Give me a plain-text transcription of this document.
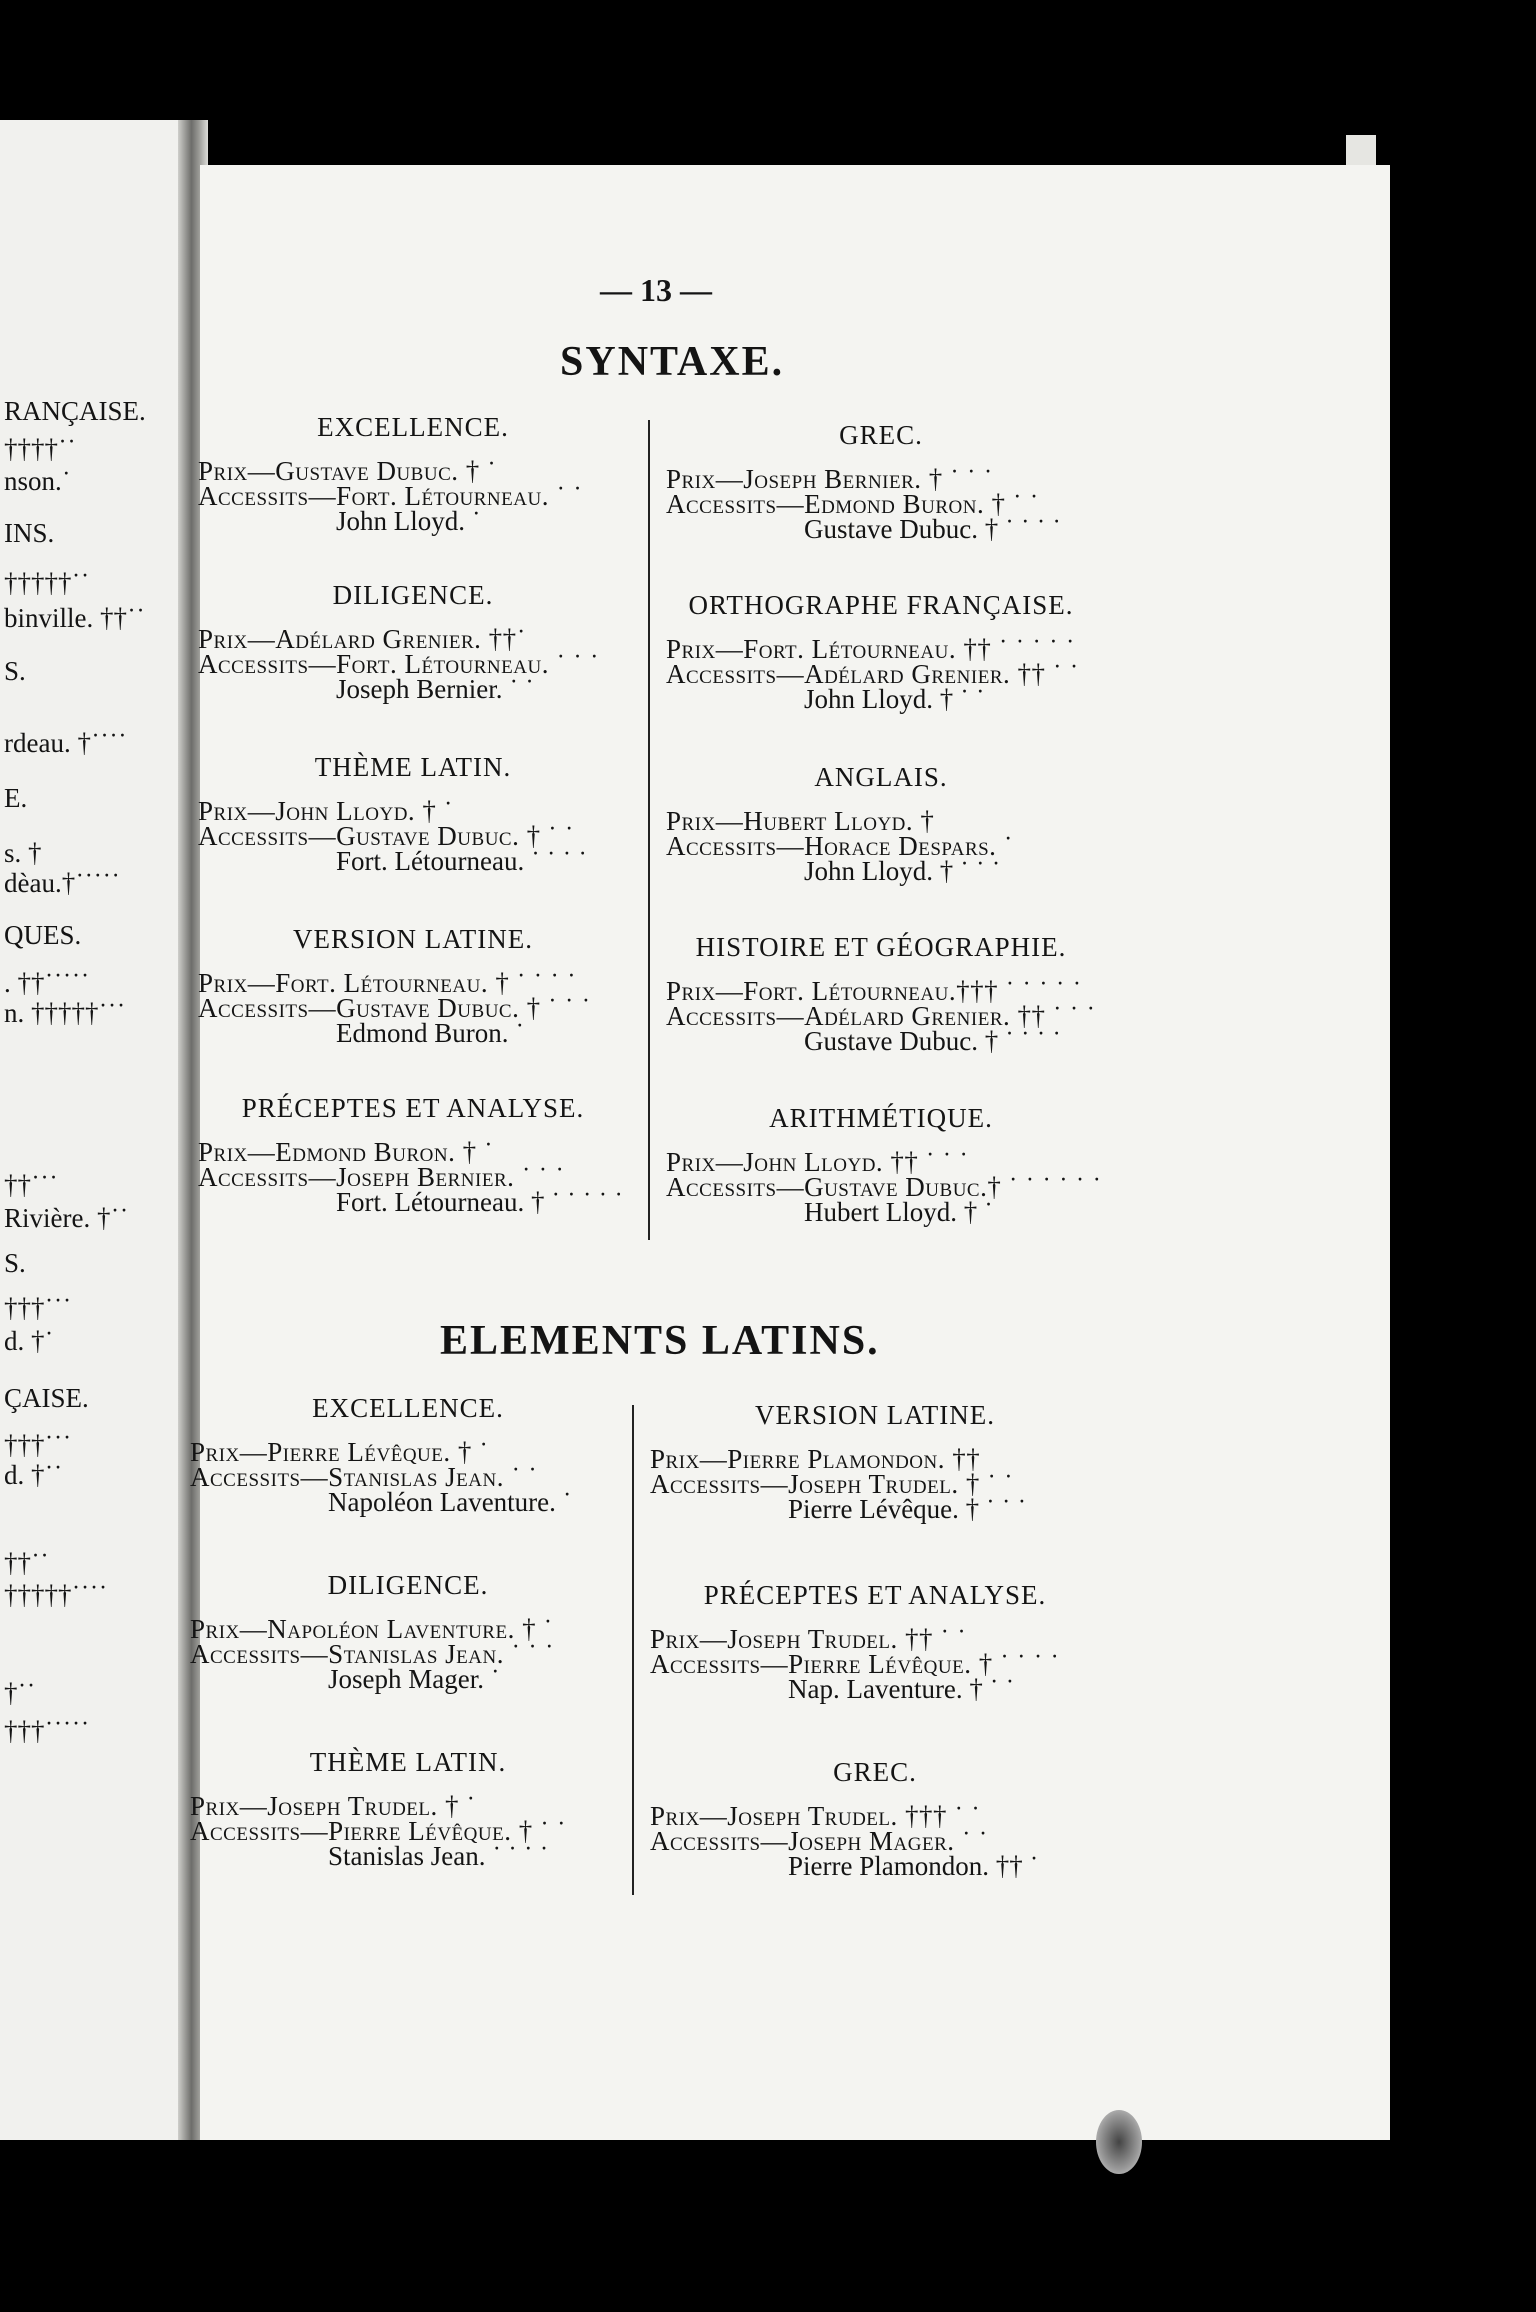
RANÇAISE.
††††˙˙
nson.˙
INS.
†††††˙˙
binville. ††˙˙
S.
rdeau. †˙˙˙˙
E.
s. †
dèau.†˙˙˙˙˙
QUES.
. ††˙˙˙˙˙
n. †††††˙˙˙
††˙˙˙
Rivière. †˙˙
S.
†††˙˙˙
d. †˙
ÇAISE.
†††˙˙˙
d. †˙˙
††˙˙
†††††˙˙˙˙
†˙˙
†††˙˙˙˙˙
— 13 —
SYNTAXE.

EXCELLENCE.

Prix—Gustave Dubuc. † ˙
Accessits—Fort. Létourneau. ˙ ˙
John Lloyd. ˙

DILIGENCE.

Prix—Adélard Grenier. ††˙
Accessits—Fort. Létourneau. ˙ ˙ ˙
Joseph Bernier. ˙ ˙

THÈME LATIN.

Prix—John Lloyd. † ˙
Accessits—Gustave Dubuc. † ˙ ˙
Fort. Létourneau. ˙ ˙ ˙ ˙

VERSION LATINE.

Prix—Fort. Létourneau. † ˙ ˙ ˙ ˙
Accessits—Gustave Dubuc. † ˙ ˙ ˙
Edmond Buron. ˙

PRÉCEPTES ET ANALYSE.

Prix—Edmond Buron. † ˙
Accessits—Joseph Bernier. ˙ ˙ ˙
Fort. Létourneau. † ˙ ˙ ˙ ˙ ˙

GREC.

Prix—Joseph Bernier. † ˙ ˙ ˙
Accessits—Edmond Buron. † ˙ ˙
Gustave Dubuc. † ˙ ˙ ˙ ˙

ORTHOGRAPHE FRANÇAISE.

Prix—Fort. Létourneau. †† ˙ ˙ ˙ ˙ ˙
Accessits—Adélard Grenier. †† ˙ ˙
John Lloyd. † ˙ ˙

ANGLAIS.

Prix—Hubert Lloyd. †
Accessits—Horace Despars. ˙
John Lloyd. † ˙ ˙ ˙

HISTOIRE ET GÉOGRAPHIE.

Prix—Fort. Létourneau.††† ˙ ˙ ˙ ˙ ˙
Accessits—Adélard Grenier. †† ˙ ˙ ˙
Gustave Dubuc. † ˙ ˙ ˙ ˙

ARITHMÉTIQUE.

Prix—John Lloyd. †† ˙ ˙ ˙
Accessits—Gustave Dubuc.† ˙ ˙ ˙ ˙ ˙ ˙
Hubert Lloyd. † ˙
ELEMENTS LATINS.

EXCELLENCE.

Prix—Pierre Lévêque. † ˙
Accessits—Stanislas Jean. ˙ ˙
Napoléon Laventure. ˙

DILIGENCE.

Prix—Napoléon Laventure. † ˙
Accessits—Stanislas Jean. ˙ ˙ ˙
Joseph Mager. ˙

THÈME LATIN.

Prix—Joseph Trudel. † ˙
Accessits—Pierre Lévêque. † ˙ ˙
Stanislas Jean. ˙ ˙ ˙ ˙

VERSION LATINE.

Prix—Pierre Plamondon. ††
Accessits—Joseph Trudel. † ˙ ˙
Pierre Lévêque. † ˙ ˙ ˙

PRÉCEPTES ET ANALYSE.

Prix—Joseph Trudel. †† ˙ ˙
Accessits—Pierre Lévêque. † ˙ ˙ ˙ ˙
Nap. Laventure. † ˙ ˙

GREC.

Prix—Joseph Trudel. ††† ˙ ˙
Accessits—Joseph Mager. ˙ ˙
Pierre Plamondon. †† ˙
